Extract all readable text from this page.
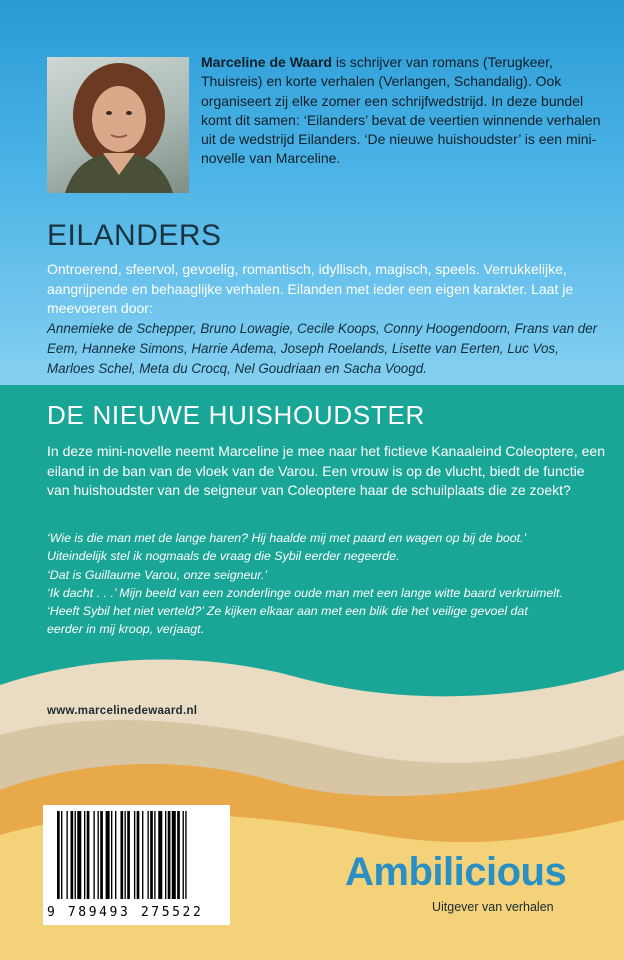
Marceline de Waard is schrijver van romans (Terugkeer, Thuisreis) en korte verhalen (Verlangen, Schandalig). Ook organiseert zij elke zomer een schrijfwedstrijd. In deze bundel komt dit samen: ‘Eilanders’ bevat de veertien winnende verhalen uit de wedstrijd Eilanders. ‘De nieuwe huishoudster’ is een mini-novelle van Marceline.

EILANDERS

Ontroerend, sfeervol, gevoelig, romantisch, idyllisch, magisch, speels. Verrukkelijke, aangrijpende en behaaglijke verhalen. Eilanden met ieder een eigen karakter. Laat je meevoeren door:

Annemieke de Schepper, Bruno Lowagie, Cecile Koops, Conny Hoogendoorn, Frans van der Eem, Hanneke Simons, Harrie Adema, Joseph Roelands, Lisette van Eerten, Luc Vos, Marloes Schel, Meta du Crocq, Nel Goudriaan en Sacha Voogd.

DE NIEUWE HUISHOUDSTER

In deze mini-novelle neemt Marceline je mee naar het fictieve Kanaaleind Coleoptere, een eiland in de ban van de vloek van de Varou. Een vrouw is op de vlucht, biedt de functie van huishoudster van de seigneur van Coleoptere haar de schuilplaats die ze zoekt?

‘Wie is die man met de lange haren? Hij haalde mij met paard en wagen op bij de boot.’
Uiteindelijk stel ik nogmaals de vraag die Sybil eerder negeerde.
‘Dat is Guillaume Varou, onze seigneur.’
‘Ik dacht . . .’ Mijn beeld van een zonderlinge oude man met een lange witte baard verkruimelt.
‘Heeft Sybil het niet verteld?’ Ze kijken elkaar aan met een blik die het veilige gevoel dat
eerder in mij kroop, verjaagt.

www.marcelinedewaard.nl

9 789493 275522

Ambilicious

Uitgever van verhalen
